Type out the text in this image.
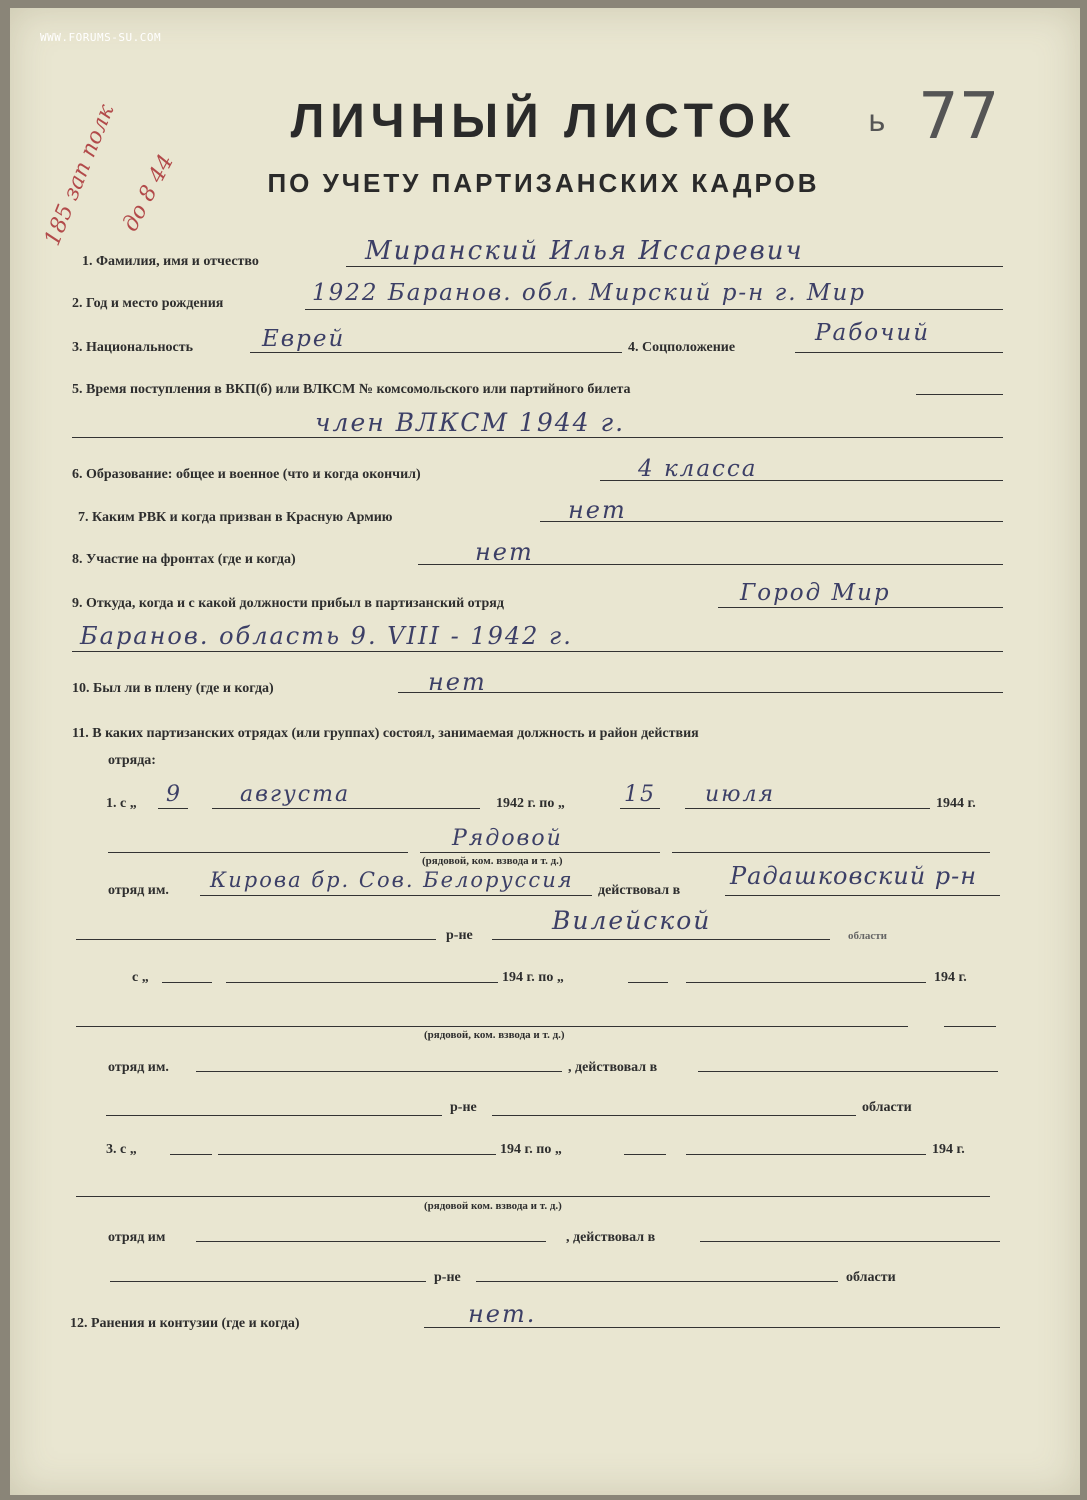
WWW.FORUMS-SU.COM
ЛИЧНЫЙ ЛИСТОК
ПО УЧЕТУ ПАРТИЗАНСКИХ КАДРОВ
77
ь
185 зап полк
до 8 44
1. Фамилия, имя и отчество	Миранский Илья Иссаревич
2. Год и место рождения	1922 Баранов. обл. Мирский р-н г. Мир
3. Национальность	Еврей	4. Соцположение
Рабочий
5. Время поступления в ВКП(б) или ВЛКСМ № комсомольского или партийного билета
член ВЛКСМ 1944 г.
6. Образование: общее и военное (что и когда окончил)	4 класса
7. Каким РВК и когда призван в Красную Армию	нет
8. Участие на фронтах (где и когда)	нет
9. Откуда, когда и с какой должности прибыл в партизанский отряд	Город Мир
Баранов. область 9. VIII - 1942 г.
10. Был ли в плену (где и когда)	нет
11. В каких партизанских отрядах (или группах) состоял, занимаемая должность и район действия
отряда:
1. с „ 9	августа	1942 г. по „	15 июля	1944 г.
Рядовой
(рядовой, ком. взвода и т. д.)
отряд им. Кирова бр. Сов. Белоруссия действовал в
Радашковский р-н
р-не
Вилейской
области
с „	194 г. по „	194 г.
(рядовой, ком. взвода и т. д.)
отряд им.	, действовал в
р-не	области
3. с „	194 г. по „	194 г.
(рядовой ком. взвода и т. д.)
отряд им	, действовал в
р-не	области
12. Ранения и контузии (где и когда)	нет.
